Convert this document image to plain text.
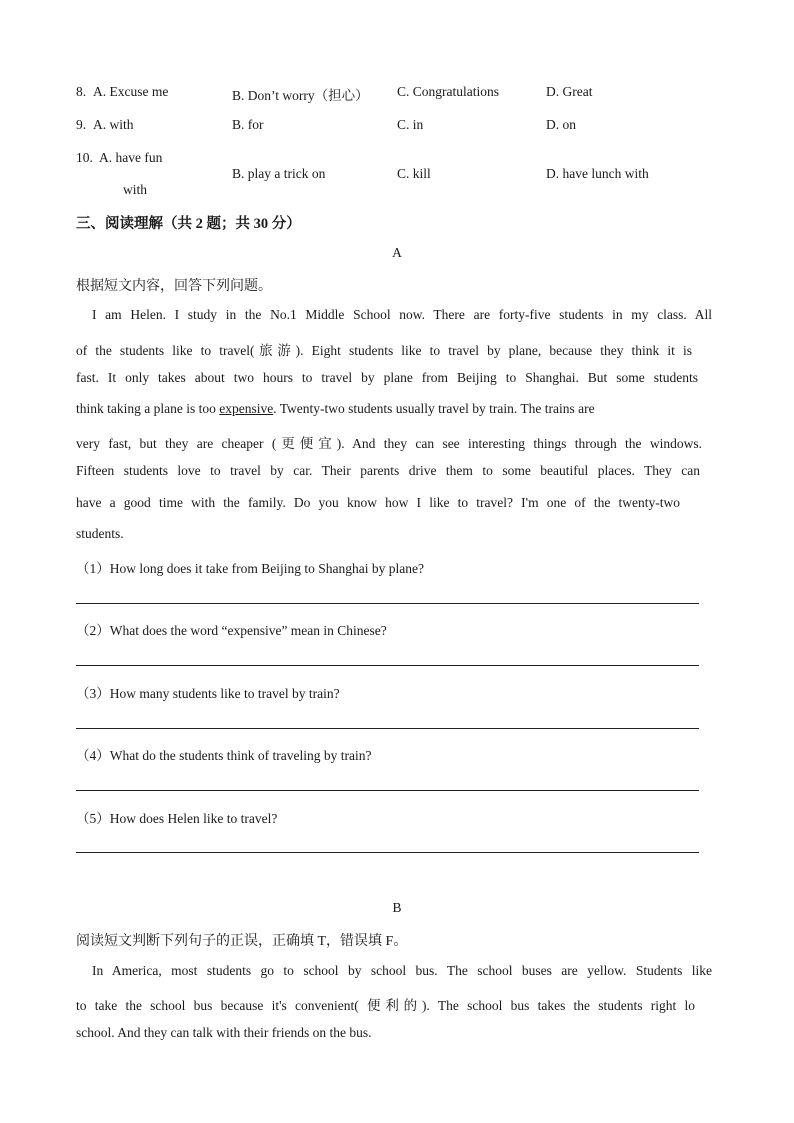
8. A. Excuse me	B. Don’t worry（担心） C. Congratulations	D. Great
9. A. with	B. for	C. in	D. on
10. A. have fun
with
B. play a trick on	C. kill	D. have lunch with
三、阅读理解（共 2 题；共 30 分）
A
根据短文内容，回答下列问题。
I am Helen. I study in the No.1 Middle School now. There are forty-five students in my class. All
of the students like to travel(旅游). Eight students like to travel by plane, because they think it is
fast. It only takes about two hours to travel by plane from Beijing to Shanghai. But some students
think taking a plane is too expensive. Twenty-two students usually travel by train. The trains are
very fast, but they are cheaper (更便宜). And they can see interesting things through the windows.
Fifteen students love to travel by car. Their parents drive them to some beautiful places. They can
have a good time with the family. Do you know how I like to travel? I'm one of the twenty-two
students.
（1）How long does it take from Beijing to Shanghai by plane?
（2）What does the word “expensive” mean in Chinese?
（3）How many students like to travel by train?
（4）What do the students think of traveling by train?
（5）How does Helen like to travel?
B
阅读短文判断下列句子的正误，正确填 T，错误填 F。
In America, most students go to school by school bus. The school buses are yellow. Students like
to take the school bus because it's convenient( 便利的). The school bus takes the students right lo
school. And they can talk with their friends on the bus.
